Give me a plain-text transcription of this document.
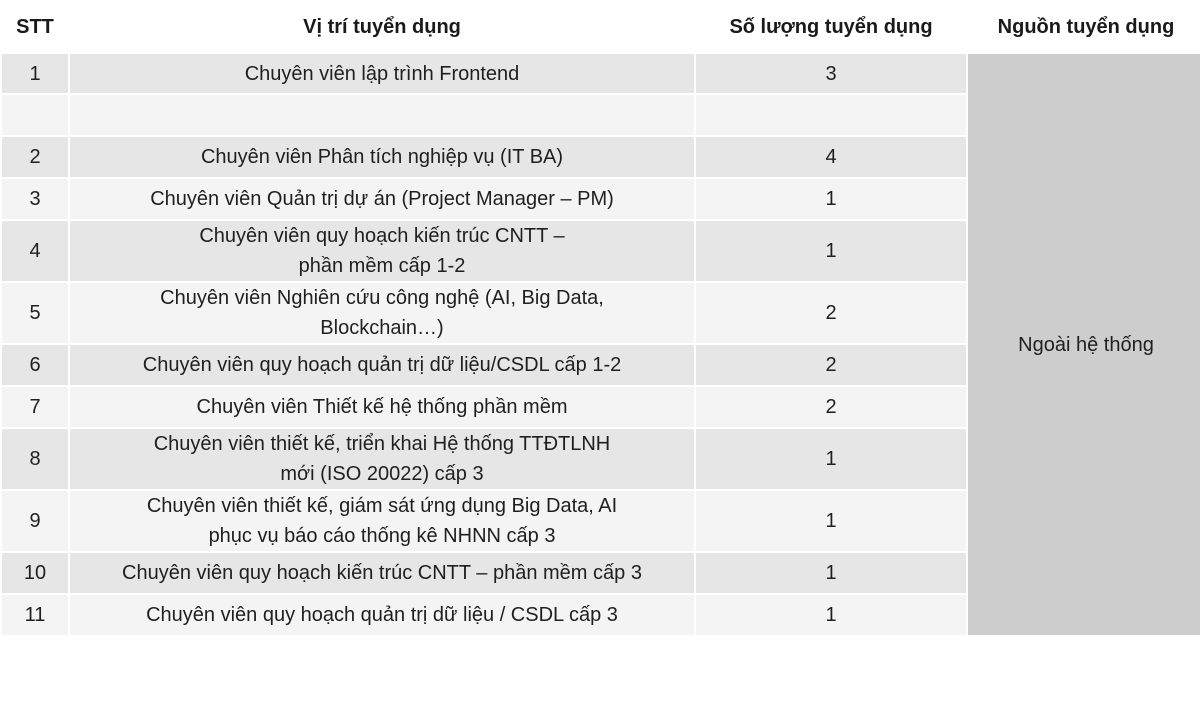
STT	Vị trí tuyển dụng	Số lượng tuyển dụng	Nguồn tuyển dụng
1	Chuyên viên lập trình Frontend	3	Ngoài hệ thống

2	Chuyên viên Phân tích nghiệp vụ (IT BA)	4	
3	Chuyên viên Quản trị dự án (Project Manager – PM)	1	
4	Chuyên viên quy hoạch kiến trúc CNTT –
phần mềm cấp 1-2	1	
5	Chuyên viên Nghiên cứu công nghệ (AI, Big Data,
Blockchain…)	2	
6	Chuyên viên quy hoạch quản trị dữ liệu/CSDL cấp 1-2	2	
7	Chuyên viên Thiết kế hệ thống phần mềm	2	
8	Chuyên viên thiết kế, triển khai Hệ thống TTĐTLNH
mới (ISO 20022) cấp 3	1	
9	Chuyên viên thiết kế, giám sát ứng dụng Big Data, AI
phục vụ báo cáo thống kê NHNN cấp 3	1	
10	Chuyên viên quy hoạch kiến trúc CNTT – phần mềm cấp 3	1	
11	Chuyên viên quy hoạch quản trị dữ liệu / CSDL cấp 3	1	
